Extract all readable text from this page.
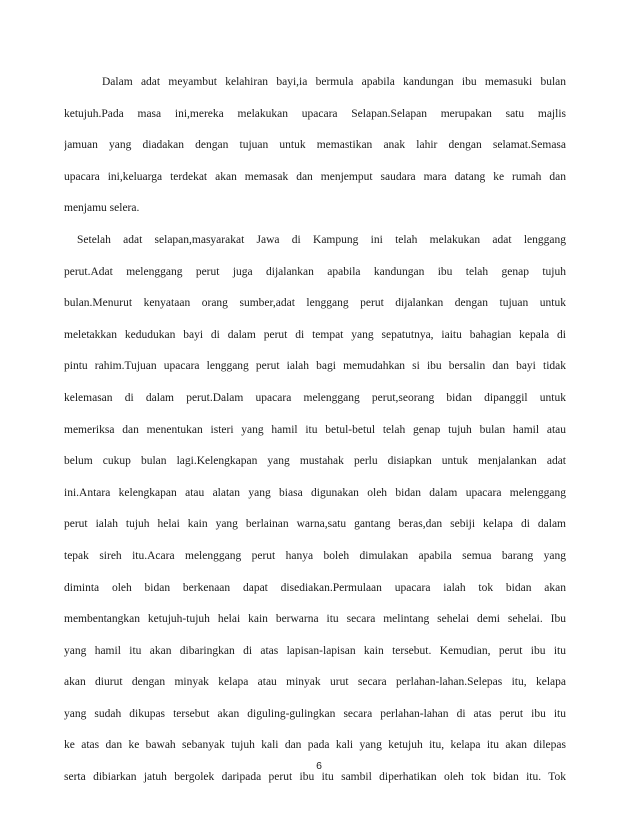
Dalam adat meyambut kelahiran bayi,ia bermula apabila kandungan ibu memasuki bulan
ketujuh.Pada masa ini,mereka melakukan upacara Selapan.Selapan merupakan satu majlis
jamuan yang diadakan dengan tujuan untuk memastikan anak lahir dengan selamat.Semasa
upacara ini,keluarga terdekat akan memasak dan menjemput saudara mara datang ke rumah dan
menjamu selera.

Setelah adat selapan,masyarakat Jawa di Kampung ini telah melakukan adat lenggang
perut.Adat melenggang perut juga dijalankan apabila kandungan ibu telah genap tujuh
bulan.Menurut kenyataan orang sumber,adat lenggang perut dijalankan dengan tujuan untuk
meletakkan kedudukan bayi di dalam perut di tempat yang sepatutnya, iaitu bahagian kepala di
pintu rahim.Tujuan upacara lenggang perut ialah bagi memudahkan si ibu bersalin dan bayi tidak
kelemasan di dalam perut.Dalam upacara melenggang perut,seorang bidan dipanggil untuk
memeriksa dan menentukan isteri yang hamil itu betul-betul telah genap tujuh bulan hamil atau
belum cukup bulan lagi.Kelengkapan yang mustahak perlu disiapkan untuk menjalankan adat
ini.Antara kelengkapan atau alatan yang biasa digunakan oleh bidan dalam upacara melenggang
perut ialah tujuh helai kain yang berlainan warna,satu gantang beras,dan sebiji kelapa di dalam
tepak sireh itu.Acara melenggang perut hanya boleh dimulakan apabila semua barang yang
diminta oleh bidan berkenaan dapat disediakan.Permulaan upacara ialah tok bidan akan
membentangkan ketujuh-tujuh helai kain berwarna itu secara melintang sehelai demi sehelai. Ibu
yang hamil itu akan dibaringkan di atas lapisan-lapisan kain tersebut. Kemudian, perut ibu itu
akan diurut dengan minyak kelapa atau minyak urut secara perlahan-lahan.Selepas itu, kelapa
yang sudah dikupas tersebut akan diguling-gulingkan secara perlahan-lahan di atas perut ibu itu
ke atas dan ke bawah sebanyak tujuh kali dan pada kali yang ketujuh itu, kelapa itu akan dilepas
serta dibiarkan jatuh bergolek daripada perut ibu itu sambil diperhatikan oleh tok bidan itu. Tok

6
